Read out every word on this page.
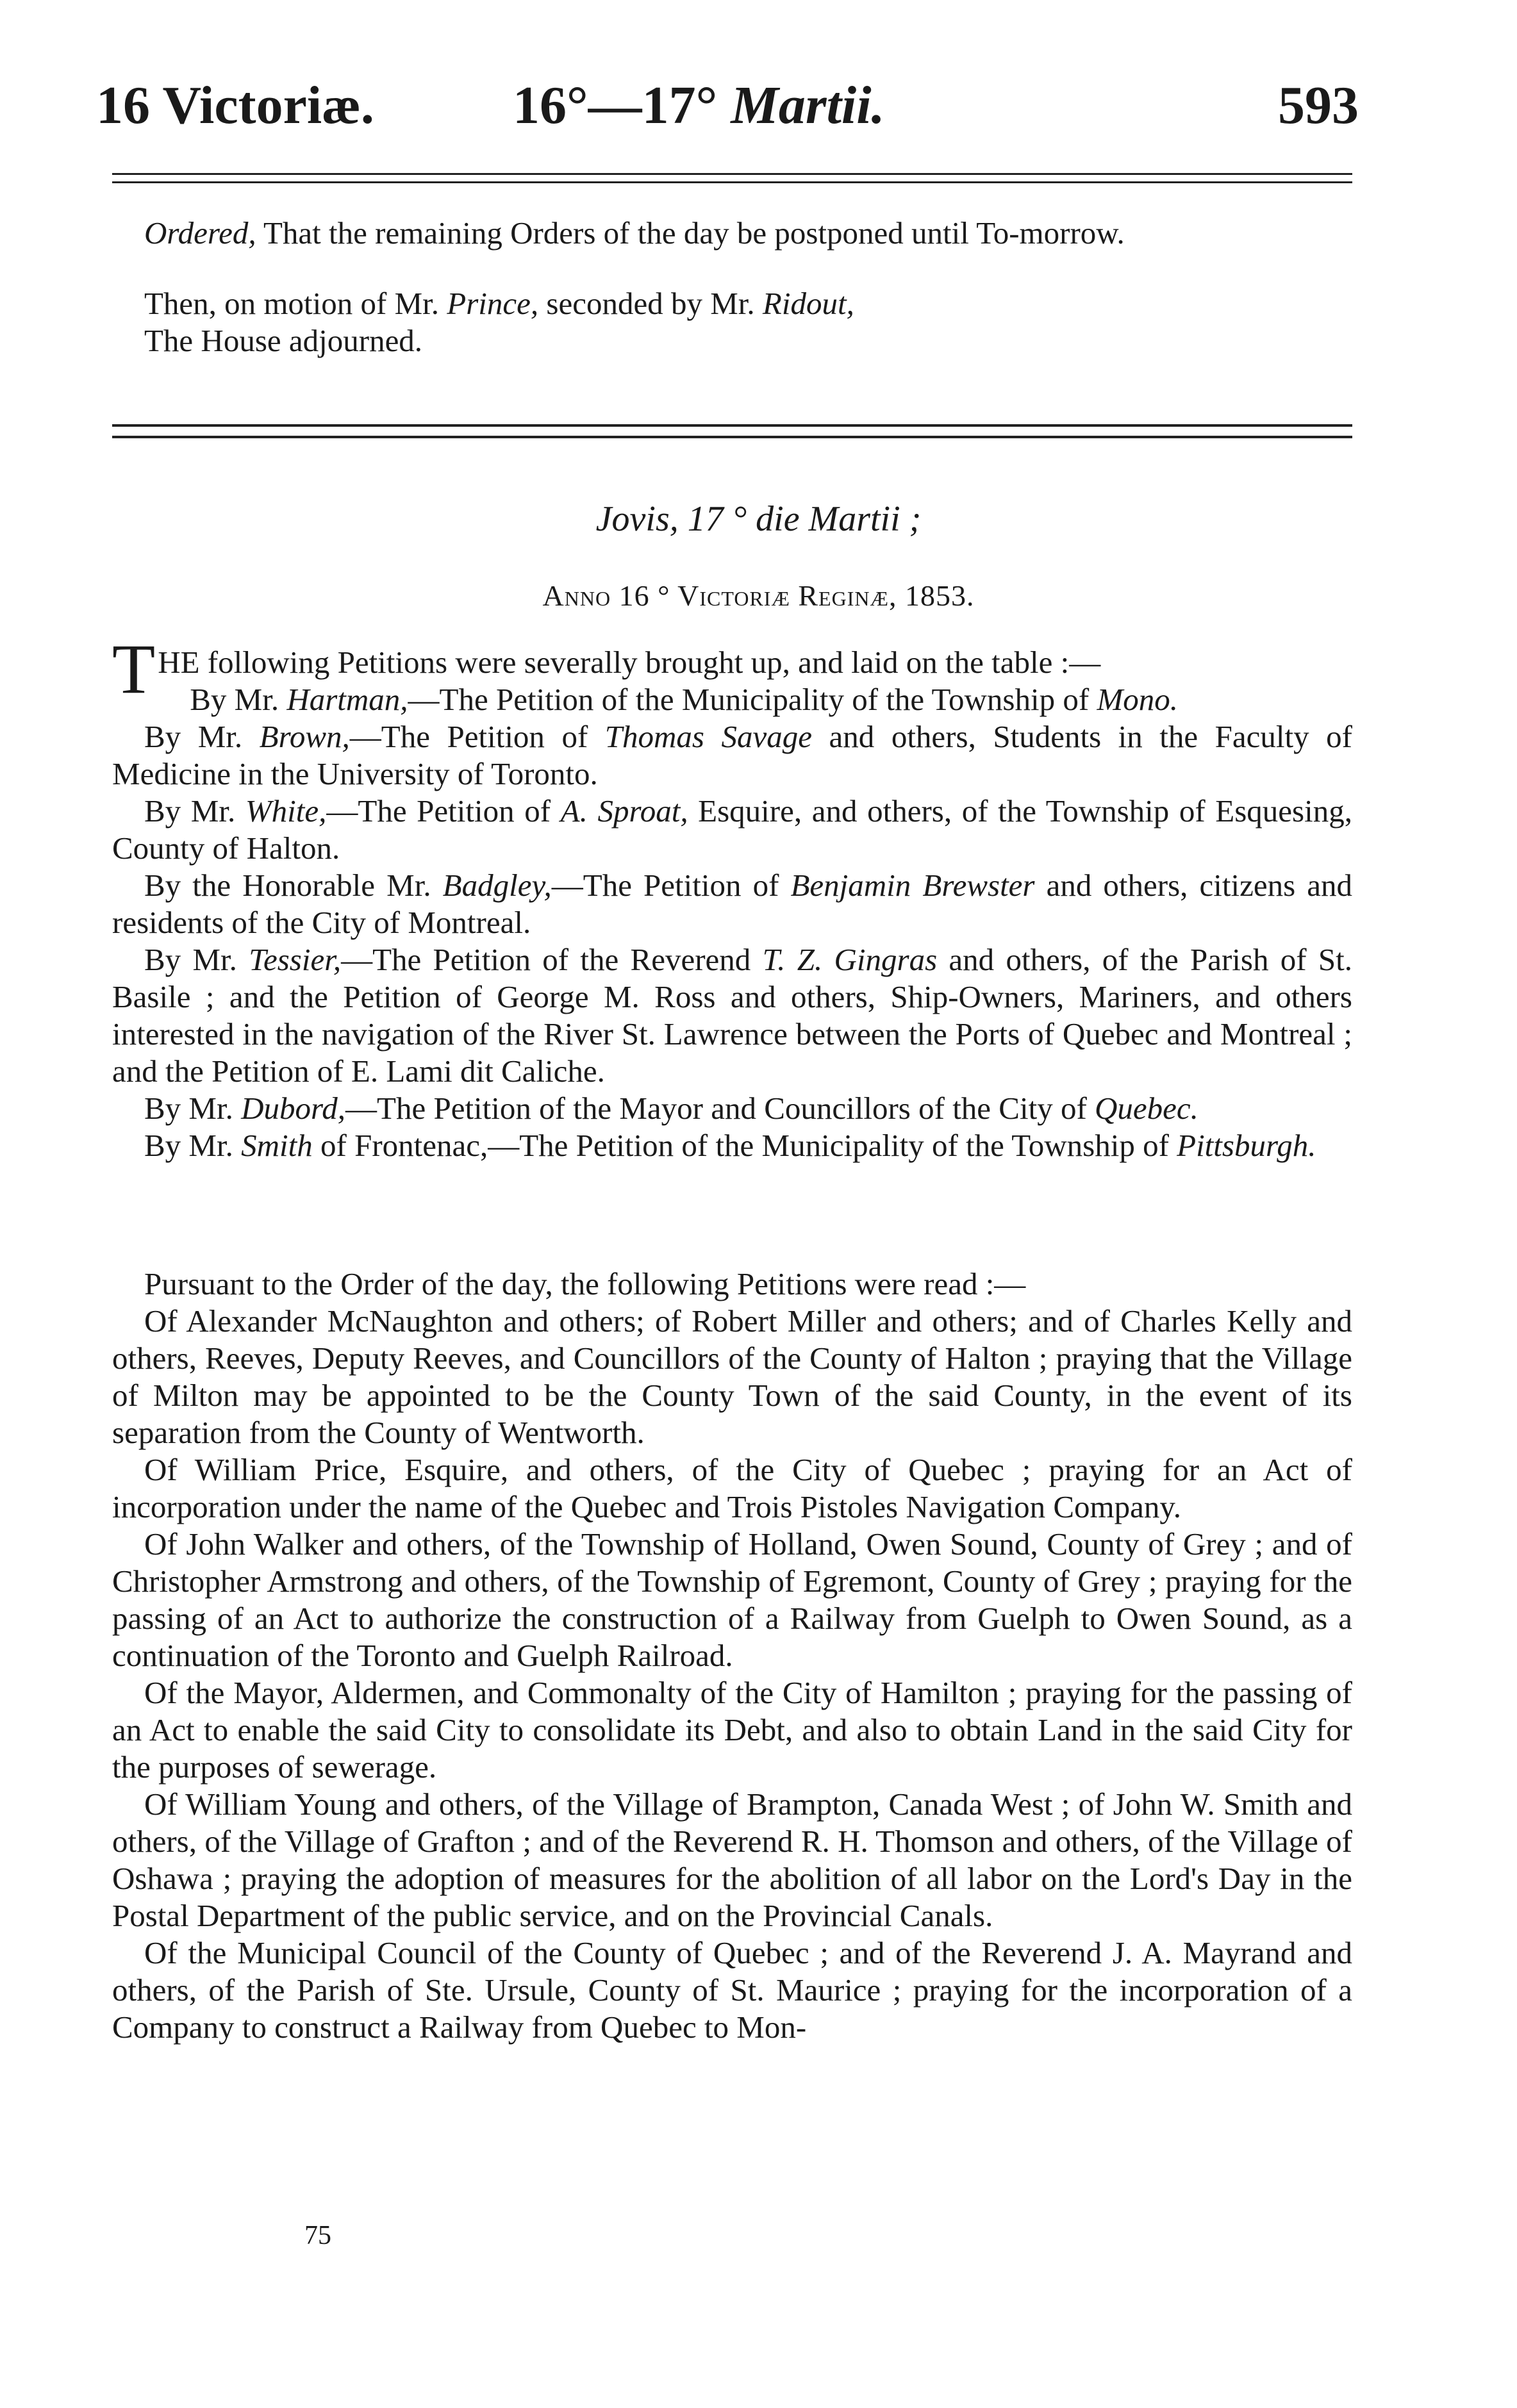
16 Victoriæ.	16°—17° Martii.	593

Ordered, That the remaining Orders of the day be postponed until To-morrow.

Then, on motion of Mr. Prince, seconded by Mr. Ridout,

The House adjourned.

Jovis, 17 ° die Martii ;
Anno 16 ° Victoriæ Reginæ, 1853.
THE following Petitions were severally brought up, and laid on the table :—
By Mr. Hartman,—The Petition of the Municipality of the Township of Mono.
By Mr. Brown,—The Petition of Thomas Savage and others, Students in the Faculty of Medicine in the University of Toronto.
By Mr. White,—The Petition of A. Sproat, Esquire, and others, of the Township of Esquesing, County of Halton.
By the Honorable Mr. Badgley,—The Petition of Benjamin Brewster and others, citizens and residents of the City of Montreal.
By Mr. Tessier,—The Petition of the Reverend T. Z. Gingras and others, of the Parish of St. Basile ; and the Petition of George M. Ross and others, Ship-Owners, Mariners, and others interested in the navigation of the River St. Lawrence between the Ports of Quebec and Montreal ; and the Petition of E. Lami dit Caliche.
By Mr. Dubord,—The Petition of the Mayor and Councillors of the City of Quebec.
By Mr. Smith of Frontenac,—The Petition of the Municipality of the Township of Pittsburgh.
Pursuant to the Order of the day, the following Petitions were read :—
Of Alexander McNaughton and others; of Robert Miller and others; and of Charles Kelly and others, Reeves, Deputy Reeves, and Councillors of the County of Halton ; praying that the Village of Milton may be appointed to be the County Town of the said County, in the event of its separation from the County of Wentworth.
Of William Price, Esquire, and others, of the City of Quebec ; praying for an Act of incorporation under the name of the Quebec and Trois Pistoles Navigation Company.
Of John Walker and others, of the Township of Holland, Owen Sound, County of Grey ; and of Christopher Armstrong and others, of the Township of Egremont, County of Grey ; praying for the passing of an Act to authorize the construction of a Railway from Guelph to Owen Sound, as a continuation of the Toronto and Guelph Railroad.
Of the Mayor, Aldermen, and Commonalty of the City of Hamilton ; praying for the passing of an Act to enable the said City to consolidate its Debt, and also to obtain Land in the said City for the purposes of sewerage.
Of William Young and others, of the Village of Brampton, Canada West ; of John W. Smith and others, of the Village of Grafton ; and of the Reverend R. H. Thomson and others, of the Village of Oshawa ; praying the adoption of measures for the abolition of all labor on the Lord's Day in the Postal Department of the public service, and on the Provincial Canals.
Of the Municipal Council of the County of Quebec ; and of the Reverend J. A. Mayrand and others, of the Parish of Ste. Ursule, County of St. Maurice ; praying for the incorporation of a Company to construct a Railway from Quebec to Mon-
75
